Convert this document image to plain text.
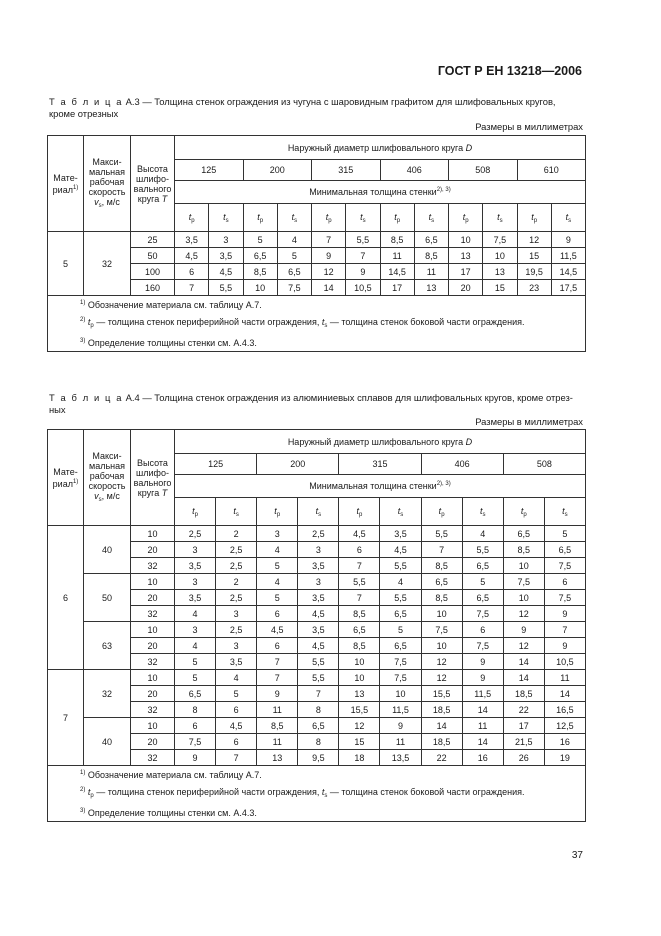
ГОСТ Р ЕН 13218—2006
Т а б л и ц а А.3 — Толщина стенок ограждения из чугуна с шаровидным графитом для шлифовальных кругов, кроме отрезных
Размеры в миллиметрах
Мате-риал$^{1)}$	Макси-мальная рабочая скорость $v_s$, м/с	Высота шлифо-вального круга T	Наружный диаметр шлифовального круга D											
			125		200		315		406		508		610	
			Минимальная толщина стенки$^{2), 3)}$
			$t_p$	$t_s$	$t_p$	$t_s$	$t_p$	$t_s$	$t_p$	$t_s$	$t_p$	$t_s$	$t_p$	$t_s$
5	32	25	3,5	3	5	4	7	5,5	8,5	6,5	10	7,5	12	9
		50	4,5	3,5	6,5	5	9	7	11	8,5	13	10	15	11,5
		100	6	4,5	8,5	6,5	12	9	14,5	11	17	13	19,5	14,5
		160	7	5,5	10	7,5	14	10,5	17	13	20	15	23	17,5

$^{1)}$ Обозначение материала см. таблицу А.7.
$^{2)}$ $t_p$ — толщина стенок периферийной части ограждения, $t_s$ — толщина стенок боковой части ограждения.
$^{3)}$ Определение толщины стенки см. А.4.3.														
Т а б л и ц а А.4 — Толщина стенок ограждения из алюминиевых сплавов для шлифовальных кругов, кроме отрез-ных
Размеры в миллиметрах
Мате-риал$^{1)}$	Макси-мальная рабочая скорость $v_s$, м/с	Высота шлифо-вального круга T	Наружный диаметр шлифовального круга D									
			125		200		315		406		508	
			Минимальная толщина стенки$^{2), 3)}$
			$t_p$	$t_s$	$t_p$	$t_s$	$t_p$	$t_s$	$t_p$	$t_s$	$t_p$	$t_s$
6	40	10	2,5	2	3	2,5	4,5	3,5	5,5	4	6,5	5
		20	3	2,5	4	3	6	4,5	7	5,5	8,5	6,5
		32	3,5	2,5	5	3,5	7	5,5	8,5	6,5	10	7,5
	50	10	3	2	4	3	5,5	4	6,5	5	7,5	6
		20	3,5	2,5	5	3,5	7	5,5	8,5	6,5	10	7,5
		32	4	3	6	4,5	8,5	6,5	10	7,5	12	9
	63	10	3	2,5	4,5	3,5	6,5	5	7,5	6	9	7
		20	4	3	6	4,5	8,5	6,5	10	7,5	12	9
		32	5	3,5	7	5,5	10	7,5	12	9	14	10,5
7	32	10	5	4	7	5,5	10	7,5	12	9	14	11
		20	6,5	5	9	7	13	10	15,5	11,5	18,5	14
		32	8	6	11	8	15,5	11,5	18,5	14	22	16,5
	40	10	6	4,5	8,5	6,5	12	9	14	11	17	12,5
		20	7,5	6	11	8	15	11	18,5	14	21,5	16
		32	9	7	13	9,5	18	13,5	22	16	26	19

$^{1)}$ Обозначение материала см. таблицу А.7.
$^{2)}$ $t_p$ — толщина стенок периферийной части ограждения, $t_s$ — толщина стенок боковой части ограждения.
$^{3)}$ Определение толщины стенки см. А.4.3.												
37
